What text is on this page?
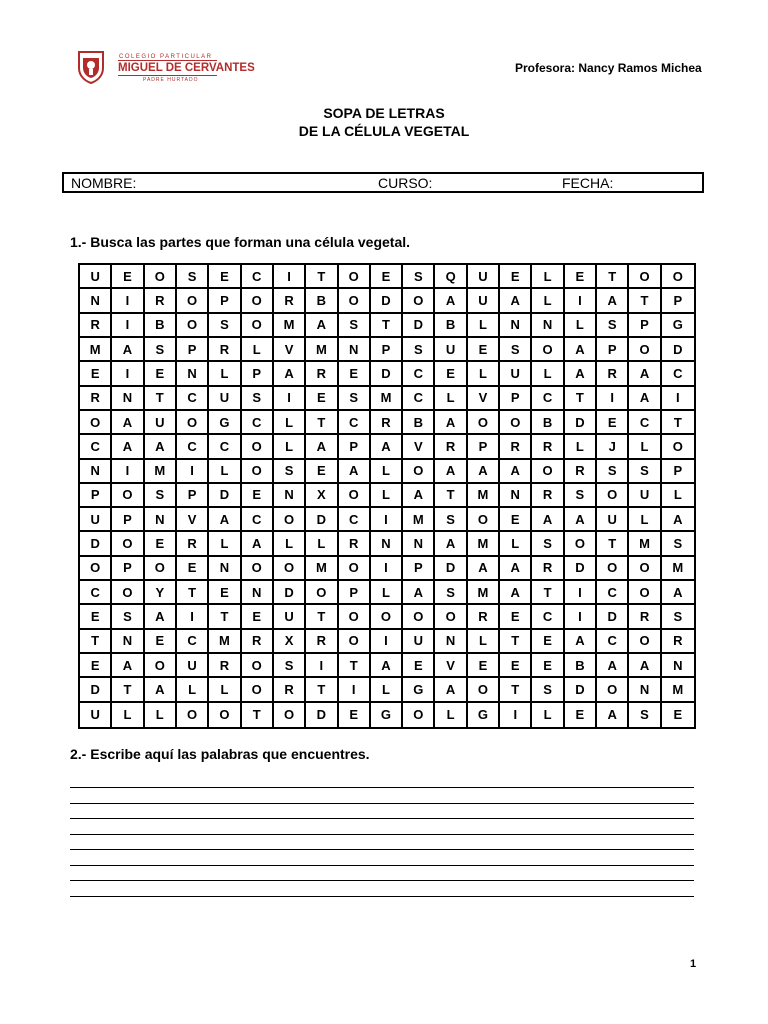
COLEGIO PARTICULAR
MIGUEL DE CERVANTES
PADRE HURTADO
Profesora: Nancy Ramos Michea
SOPA DE LETRAS
DE LA CÉLULA VEGETAL
NOMBRE:	CURSO:	FECHA:
1.- Busca las partes que forman una célula vegetal.
U	E	O	S	E	C	I	T	O	E	S	Q	U	E	L	E	T	O	O
N	I	R	O	P	O	R	B	O	D	O	A	U	A	L	I	A	T	P
R	I	B	O	S	O	M	A	S	T	D	B	L	N	N	L	S	P	G
M	A	S	P	R	L	V	M	N	P	S	U	E	S	O	A	P	O	D
E	I	E	N	L	P	A	R	E	D	C	E	L	U	L	A	R	A	C
R	N	T	C	U	S	I	E	S	M	C	L	V	P	C	T	I	A	I
O	A	U	O	G	C	L	T	C	R	B	A	O	O	B	D	E	C	T
C	A	A	C	C	O	L	A	P	A	V	R	P	R	R	L	J	L	O
N	I	M	I	L	O	S	E	A	L	O	A	A	A	O	R	S	S	P
P	O	S	P	D	E	N	X	O	L	A	T	M	N	R	S	O	U	L
U	P	N	V	A	C	O	D	C	I	M	S	O	E	A	A	U	L	A
D	O	E	R	L	A	L	L	R	N	N	A	M	L	S	O	T	M	S
O	P	O	E	N	O	O	M	O	I	P	D	A	A	R	D	O	O	M
C	O	Y	T	E	N	D	O	P	L	A	S	M	A	T	I	C	O	A
E	S	A	I	T	E	U	T	O	O	O	O	R	E	C	I	D	R	S
T	N	E	C	M	R	X	R	O	I	U	N	L	T	E	A	C	O	R
E	A	O	U	R	O	S	I	T	A	E	V	E	E	E	B	A	A	N
D	T	A	L	L	O	R	T	I	L	G	A	O	T	S	D	O	N	M
U	L	L	O	O	T	O	D	E	G	O	L	G	I	L	E	A	S	E
2.- Escribe aquí las palabras que encuentres.
1
